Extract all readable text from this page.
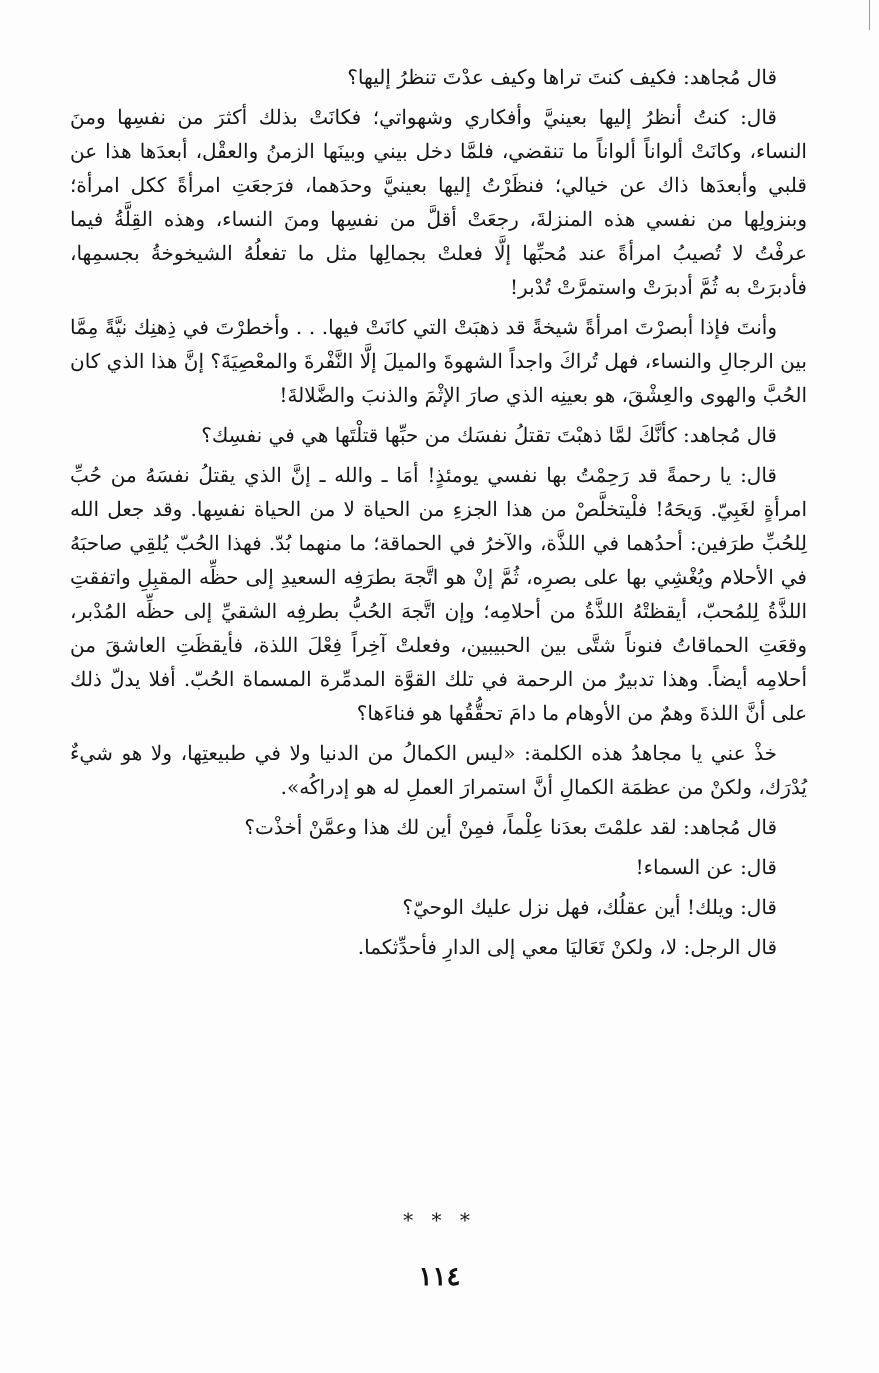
قال مُجاهد: فكيف كنتَ تراها وكيف عدْتَ تنظرُ إليها؟

قال: كنتُ أنظرُ إليها بعينيَّ وأفكاري وشهواتي؛ فكانَتْ بذلك أكثرَ من نفسِها ومنَ النساء، وكانَتْ ألواناً ألواناً ما تنقضي، فلمَّا دخل بيني وبينَها الزمنُ والعقْل، أبعدَها هذا عن قلبي وأبعدَها ذاك عن خيالي؛ فنظَرْتُ إليها بعينيَّ وحدَهما، فرَجعَتِ امرأةً ككل امرأة؛ وبنزولِها من نفسي هذه المنزلةَ، رجعَتْ أقلَّ من نفسِها ومنَ النساء، وهذه القِلَّةُ فيما عرفْتُ لا تُصيبُ امرأةً عند مُحبِّها إلَّا فعلتْ بجمالِها مثل ما تفعلُهُ الشيخوخةُ بجسمِها، فأدبرَتْ به ثُمَّ أدبرَتْ واستمرَّتْ تُدْبر!

وأنتَ فإذا أبصرْتَ امرأةً شيخةً قد ذهبَتْ التي كانَتْ فيها. . . وأخطرْتَ في ذِهنِك نيَّةً مِمَّا بين الرجالِ والنساء، فهل تُراكَ واجداً الشهوةَ والميلَ إلَّا النَّفْرةَ والمعْصِيَةَ؟ إنَّ هذا الذي كان الحُبَّ والهوى والعِشْقَ، هو بعينِه الذي صارَ الإثْمَ والذنبَ والضَّلالةَ!

قال مُجاهد: كأنَّكَ لمَّا ذهبْتَ تقتلُ نفسَك من حبِّها قتلْتَها هي في نفسِك؟

قال: يا رحمةً قد رَحِمْتُ بها نفسي يومئذٍ! أمَا ـ والله ـ إنَّ الذي يقتلُ نفسَهُ من حُبِّ امرأةٍ لغَبِيّ. وَيحَهُ! فلْيتخلَّصْ من هذا الجزءِ من الحياة لا من الحياة نفسِها. وقد جعل الله لِلحُبِّ طرَفين: أحدُهما في اللذَّة، والآخرُ في الحماقة؛ ما منهما بُدّ. فهذا الحُبّ يُلقِي صاحبَهُ في الأحلام ويُغْشِي بها على بصرِه، ثُمَّ إنْ هو اتَّجهَ بطرَفِه السعيدِ إلى حظِّه المقبِلِ واتفقتِ اللذَّةُ لِلمُحبّ، أيقظتْهُ اللذَّةُ من أحلامِه؛ وإن اتَّجهَ الحُبُّ بطرفِه الشقيِّ إلى حظِّه المُدْبر، وقعَتِ الحماقاتُ فنوناً شتَّى بين الحبيبين، وفعلتْ آخِراً فِعْلَ اللذة، فأيقظَتِ العاشقَ من أحلامِه أيضاً. وهذا تدبيرٌ من الرحمة في تلك القوَّة المدمِّرة المسماة الحُبّ. أفلا يدلّ ذلك على أنَّ اللذةَ وهمٌ من الأوهام ما دامَ تحقُّقُها هو فناءَها؟

خذْ عني يا مجاهدُ هذه الكلمة: «ليس الكمالُ من الدنيا ولا في طبيعتِها، ولا هو شيءٌ يُدْرَك، ولكنْ من عظمَة الكمالِ أنَّ استمرارَ العملِ له هو إدراكُه».

قال مُجاهد: لقد علمْتَ بعدَنا عِلْماً، فمِنْ أين لك هذا وعمَّنْ أخذْت؟

قال: عن السماء!

قال: ويلك! أين عقلُك، فهل نزل عليك الوحيّ؟

قال الرجل: لا، ولكنْ تَعَاليَا معي إلى الدارِ فأحدِّثكما.

* * *
١١٤
